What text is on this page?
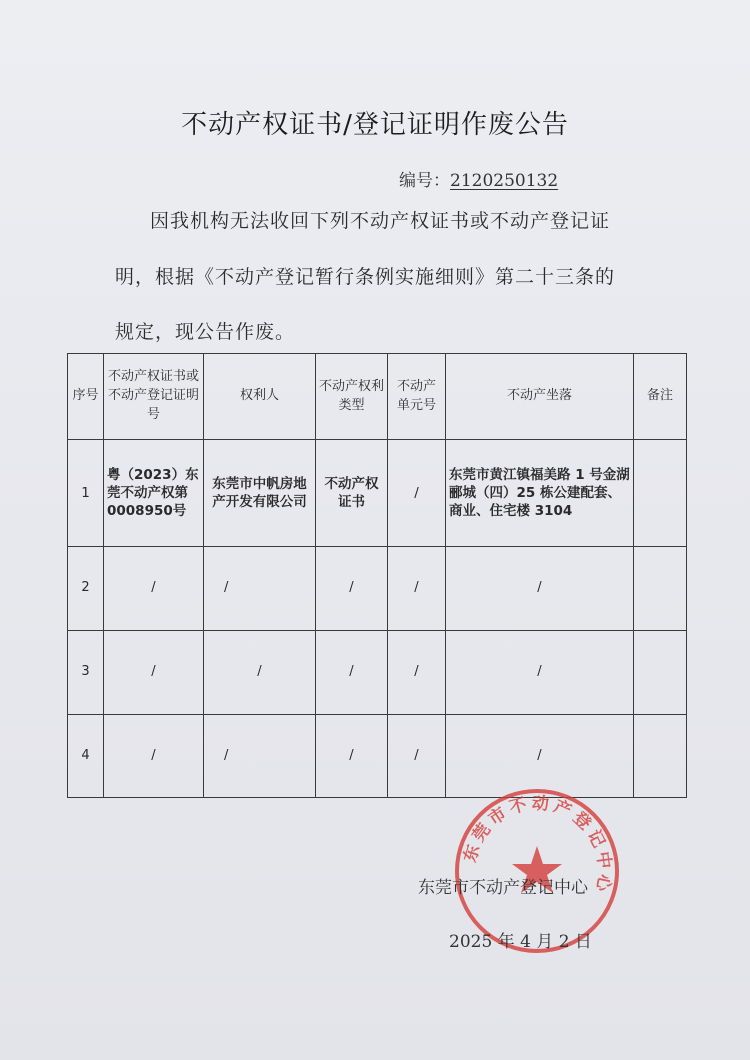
不动产权证书/登记证明作废公告
编号：2120250132
因我机构无法收回下列不动产权证书或不动产登记证
明，根据《不动产登记暂行条例实施细则》第二十三条的
规定，现公告作废。
序号	不动产权证书或不动产登记证明号	权利人	不动产权利类型	不动产单元号	不动产坐落	备注
1	粤（2023）东莞不动产权第 0008950号	东莞市中帆房地产开发有限公司	不动产权证书	/	东莞市黄江镇福美路 1 号金湖郦城（四）25 栋公建配套、商业、住宅楼 3104	
2	/	/	/	/	/	
3	/	/	/	/	/	
4	/	/	/	/	/	
东莞市不动产登记中心
东莞市不动产登记中心
2025 年 4 月 2 日
